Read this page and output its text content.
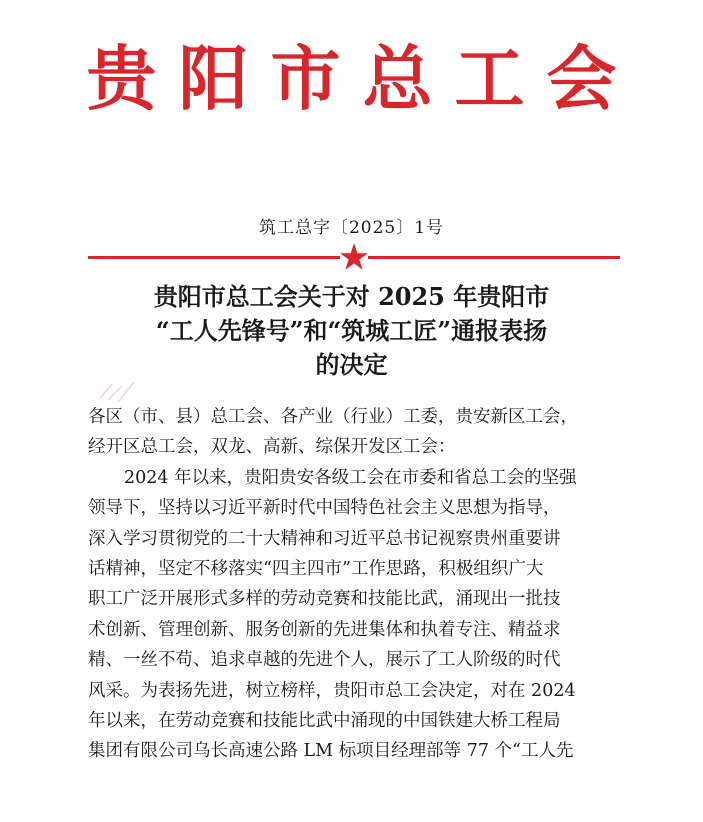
贵阳市总工会
筑工总字〔2025〕1号
贵阳市总工会关于对 2025 年贵阳市
“工人先锋号”和“筑城工匠”通报表扬
的决定
各区（市、县）总工会、各产业（行业）工委，贵安新区工会，
经开区总工会，双龙、高新、综保开发区工会：
2024 年以来，贵阳贵安各级工会在市委和省总工会的坚强
领导下，坚持以习近平新时代中国特色社会主义思想为指导，
深入学习贯彻党的二十大精神和习近平总书记视察贵州重要讲
话精神，坚定不移落实“四主四市”工作思路，积极组织广大
职工广泛开展形式多样的劳动竞赛和技能比武，涌现出一批技
术创新、管理创新、服务创新的先进集体和执着专注、精益求
精、一丝不苟、追求卓越的先进个人，展示了工人阶级的时代
风采。为表扬先进，树立榜样，贵阳市总工会决定，对在 2024
年以来，在劳动竞赛和技能比武中涌现的中国铁建大桥工程局
集团有限公司乌长高速公路 LM 标项目经理部等 77 个“工人先
